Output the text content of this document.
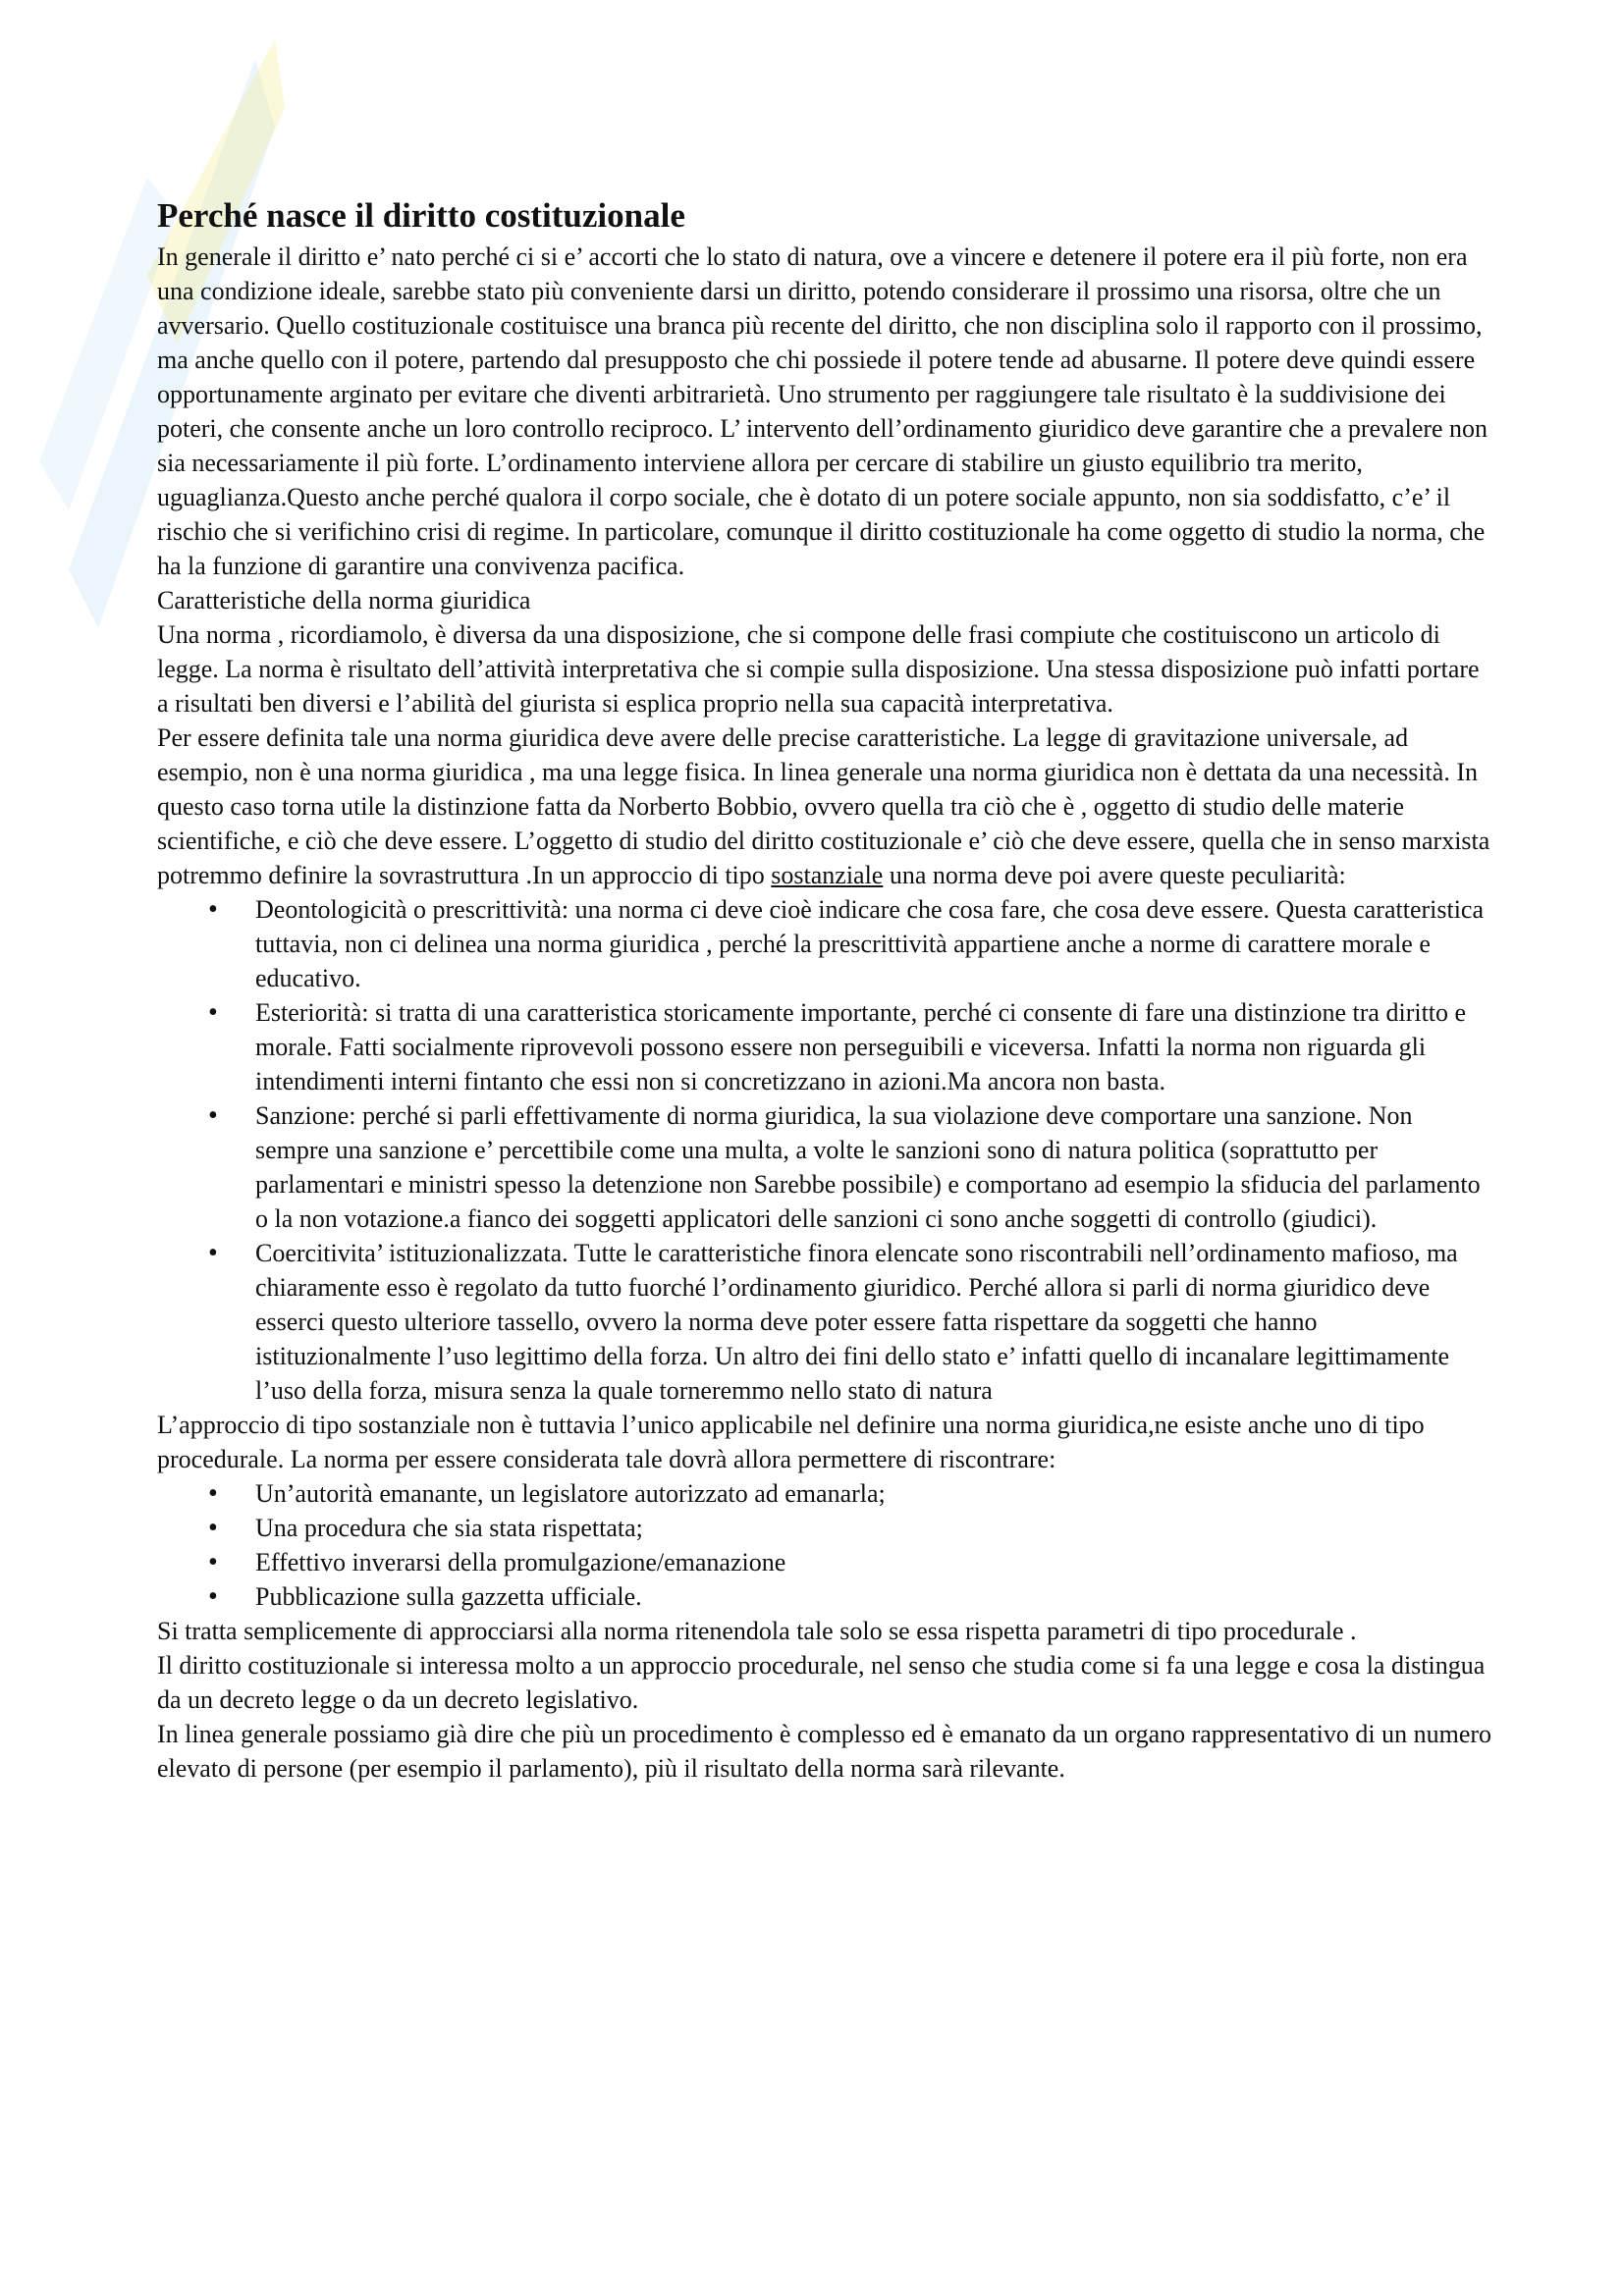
Perché nasce il diritto costituzionale

In generale il diritto e’ nato perché ci si e’ accorti che lo stato di natura, ove a vincere e detenere il potere era il più forte, non era una condizione ideale, sarebbe stato più conveniente darsi un diritto, potendo considerare il prossimo una risorsa, oltre che un avversario. Quello costituzionale costituisce una branca più recente del diritto, che non disciplina solo il rapporto con il prossimo, ma anche quello con il potere, partendo dal presupposto che chi possiede il potere tende ad abusarne. Il potere deve quindi essere opportunamente arginato per evitare che diventi arbitrarietà. Uno strumento per raggiungere tale risultato è la suddivisione dei poteri, che consente anche un loro controllo reciproco. L’ intervento dell’ordinamento giuridico deve garantire che a prevalere non sia necessariamente il più forte. L’ordinamento interviene allora per cercare di stabilire un giusto equilibrio tra merito, uguaglianza.Questo anche perché qualora il corpo sociale, che è dotato di un potere sociale appunto, non sia soddisfatto, c’e’ il rischio che si verifichino crisi di regime. In particolare, comunque il diritto costituzionale ha come oggetto di studio la norma, che ha la funzione di garantire una convivenza pacifica.

Caratteristiche della norma giuridica

Una norma , ricordiamolo, è diversa da una disposizione, che si compone delle frasi compiute che costituiscono un articolo di legge. La norma è risultato dell’attività interpretativa che si compie sulla disposizione. Una stessa disposizione può infatti portare a risultati ben diversi e l’abilità del giurista si esplica proprio nella sua capacità interpretativa.

Per essere definita tale una norma giuridica deve avere delle precise caratteristiche. La legge di gravitazione universale, ad esempio, non è una norma giuridica , ma una legge fisica. In linea generale una norma giuridica non è dettata da una necessità. In questo caso torna utile la distinzione fatta da Norberto Bobbio, ovvero quella tra ciò che è , oggetto di studio delle materie scientifiche, e ciò che deve essere. L’oggetto di studio del diritto costituzionale e’ ciò che deve essere, quella che in senso marxista potremmo definire la sovrastruttura .In un approccio di tipo sostanziale una norma deve poi avere queste peculiarità:

• Deontologicità o prescrittività: una norma ci deve cioè indicare che cosa fare, che cosa deve essere. Questa caratteristica tuttavia, non ci delinea una norma giuridica , perché la prescrittività appartiene anche a norme di carattere morale e educativo.
• Esteriorità: si tratta di una caratteristica storicamente importante, perché ci consente di fare una distinzione tra diritto e morale. Fatti socialmente riprovevoli possono essere non perseguibili e viceversa. Infatti la norma non riguarda gli intendimenti interni fintanto che essi non si concretizzano in azioni.Ma ancora non basta.
• Sanzione: perché si parli effettivamente di norma giuridica, la sua violazione deve comportare una sanzione. Non sempre una sanzione e’ percettibile come una multa, a volte le sanzioni sono di natura politica (soprattutto per parlamentari e ministri spesso la detenzione non Sarebbe possibile) e comportano ad esempio la sfiducia del parlamento o la non votazione.a fianco dei soggetti applicatori delle sanzioni ci sono anche soggetti di controllo (giudici).
• Coercitivita’ istituzionalizzata. Tutte le caratteristiche finora elencate sono riscontrabili nell’ordinamento mafioso, ma chiaramente esso è regolato da tutto fuorché l’ordinamento giuridico. Perché allora si parli di norma giuridico deve esserci questo ulteriore tassello, ovvero la norma deve poter essere fatta rispettare da soggetti che hanno istituzionalmente l’uso legittimo della forza. Un altro dei fini dello stato e’ infatti quello di incanalare legittimamente l’uso della forza, misura senza la quale torneremmo nello stato di natura

L’approccio di tipo sostanziale non è tuttavia l’unico applicabile nel definire una norma giuridica,ne esiste anche uno di tipo procedurale. La norma per essere considerata tale dovrà allora permettere di riscontrare:

• Un’autorità emanante, un legislatore autorizzato ad emanarla;
• Una procedura che sia stata rispettata;
• Effettivo inverarsi della promulgazione/emanazione
• Pubblicazione sulla gazzetta ufficiale.

Si tratta semplicemente di approcciarsi alla norma ritenendola tale solo se essa rispetta parametri di tipo procedurale .

Il diritto costituzionale si interessa molto a un approccio procedurale, nel senso che studia come si fa una legge e cosa la distingua da un decreto legge o da un decreto legislativo.

In linea generale possiamo già dire che più un procedimento è complesso ed è emanato da un organo rappresentativo di un numero elevato di persone (per esempio il parlamento), più il risultato della norma sarà rilevante.
